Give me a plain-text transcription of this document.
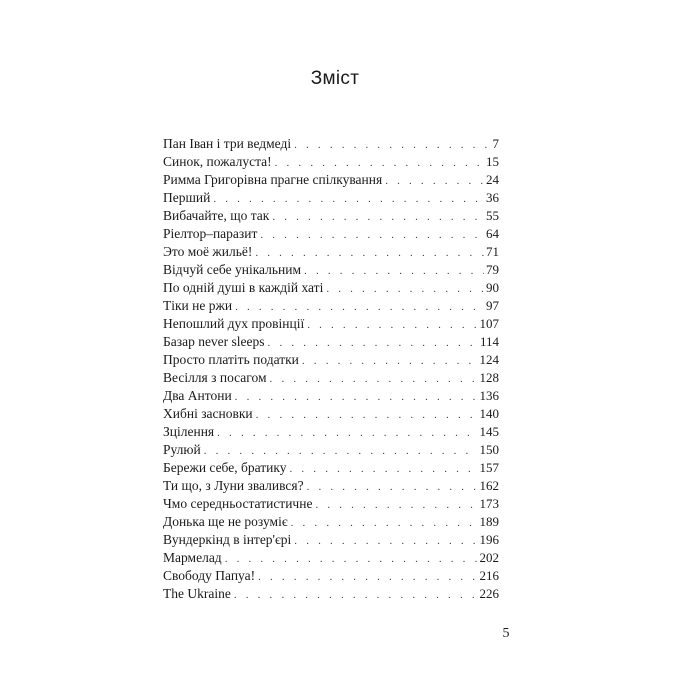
Зміст
Пан Іван і три ведмеді . . .	7
Синок, пожалуста! . . .	15
Римма Григорівна прагне спілкування . . .	24
Перший . . .	36
Вибачайте, що так . . .	55
Ріелтор–паразит . . .	64
Это моё жильё! . . .	71
Відчуй себе унікальним . . .	79
По одній душі в каждій хаті . . .	90
Тіки не ржи . . .	97
Непошлий дух провінції . . .	107
Базар never sleeps . . .	114
Просто платіть податки . . .	124
Весілля з посагом . . .	128
Два Антони . . .	136
Хибні засновки . . .	140
Зцілення . . .	145
Рулюй . . .	150
Бережи себе, братику . . .	157
Ти що, з Луни звалився? . . .	162
Чмо середньостатистичне . . .	173
Донька ще не розуміє . . .	189
Вундеркінд в інтер'єрі . . .	196
Мармелад . . .	202
Свободу Папуа! . . .	216
The Ukraine . . .	226
5
